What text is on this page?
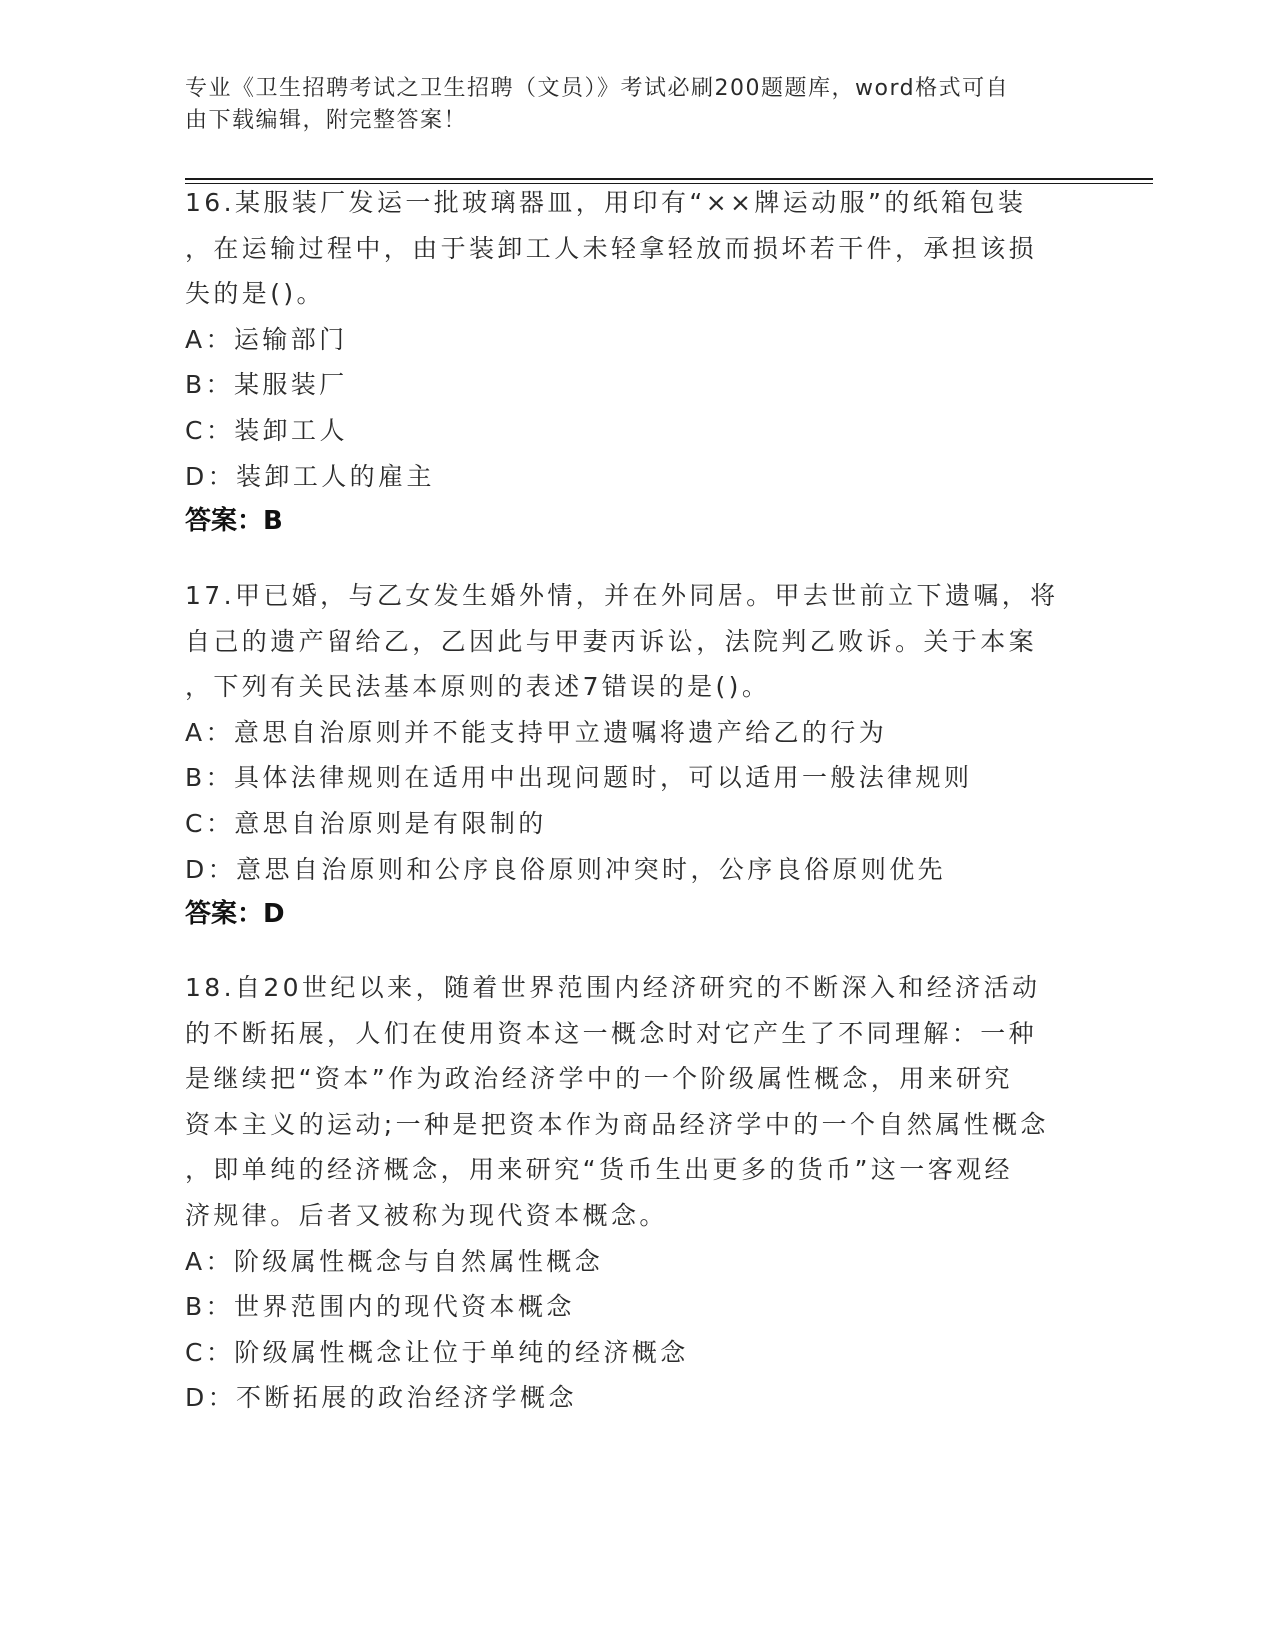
专业《卫生招聘考试之卫生招聘（文员）》考试必刷200题题库，word格式可自
由下载编辑，附完整答案！
16.某服装厂发运一批玻璃器皿，用印有“××牌运动服”的纸箱包装
，在运输过程中，由于装卸工人未轻拿轻放而损坏若干件，承担该损
失的是()。
A：运输部门
B：某服装厂
C：装卸工人
D：装卸工人的雇主
答案：B
17.甲已婚，与乙女发生婚外情，并在外同居。甲去世前立下遗嘱，将
自己的遗产留给乙，乙因此与甲妻丙诉讼，法院判乙败诉。关于本案
，下列有关民法基本原则的表述7错误的是()。
A：意思自治原则并不能支持甲立遗嘱将遗产给乙的行为
B：具体法律规则在适用中出现问题时，可以适用一般法律规则
C：意思自治原则是有限制的
D：意思自治原则和公序良俗原则冲突时，公序良俗原则优先
答案：D
18.自20世纪以来，随着世界范围内经济研究的不断深入和经济活动
的不断拓展，人们在使用资本这一概念时对它产生了不同理解：一种
是继续把“资本”作为政治经济学中的一个阶级属性概念，用来研究
资本主义的运动;一种是把资本作为商品经济学中的一个自然属性概念
，即单纯的经济概念，用来研究“货币生出更多的货币”这一客观经
济规律。后者又被称为现代资本概念。
A：阶级属性概念与自然属性概念
B：世界范围内的现代资本概念
C：阶级属性概念让位于单纯的经济概念
D：不断拓展的政治经济学概念
